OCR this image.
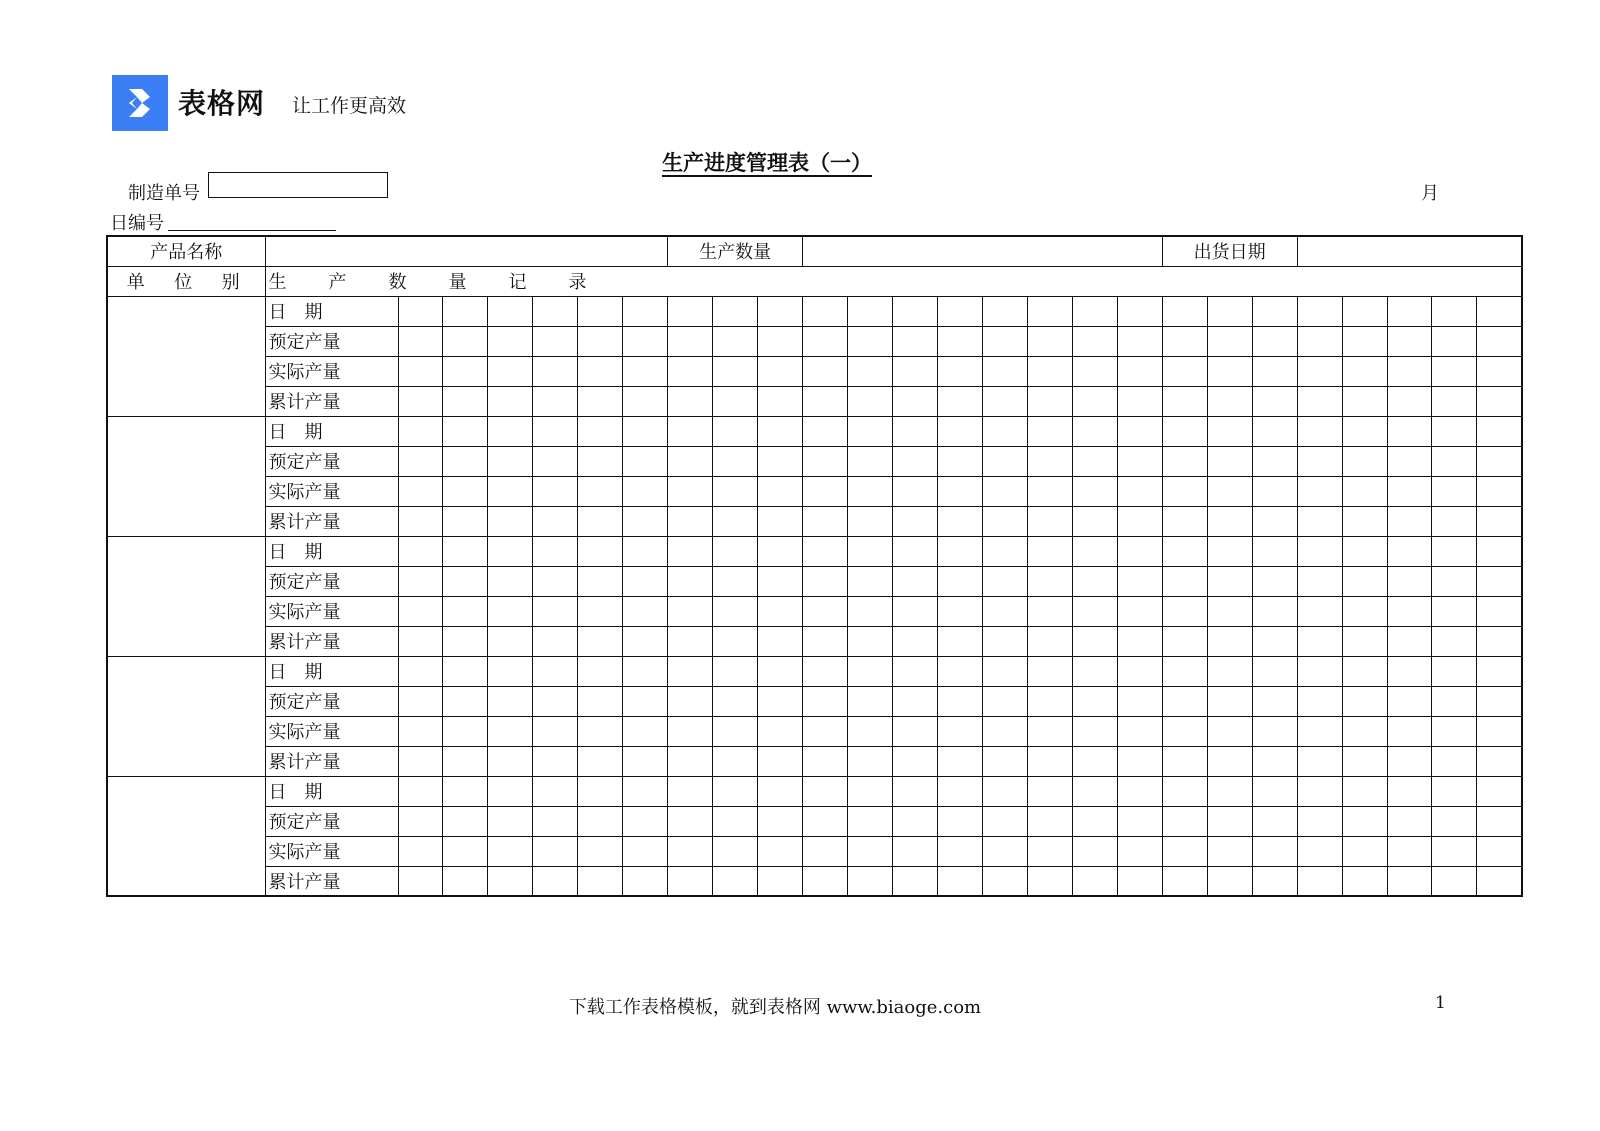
表格网 让工作更高效
生产进度管理表（一）
制造单号	月
日编号
产品名称								生产数量											出货日期							
单  位  别	生 产 数 量 记 录																									
	日　期																									
	预定产量																									
	实际产量																									
	累计产量																									
	日　期																									
	预定产量																									
	实际产量																									
	累计产量																									
	日　期																									
	预定产量																									
	实际产量																									
	累计产量																									
	日　期																									
	预定产量																									
	实际产量																									
	累计产量																									
	日　期																									
	预定产量																									
	实际产量																									
	累计产量																									
下载工作表格模板，就到表格网 www.biaoge.com	1
